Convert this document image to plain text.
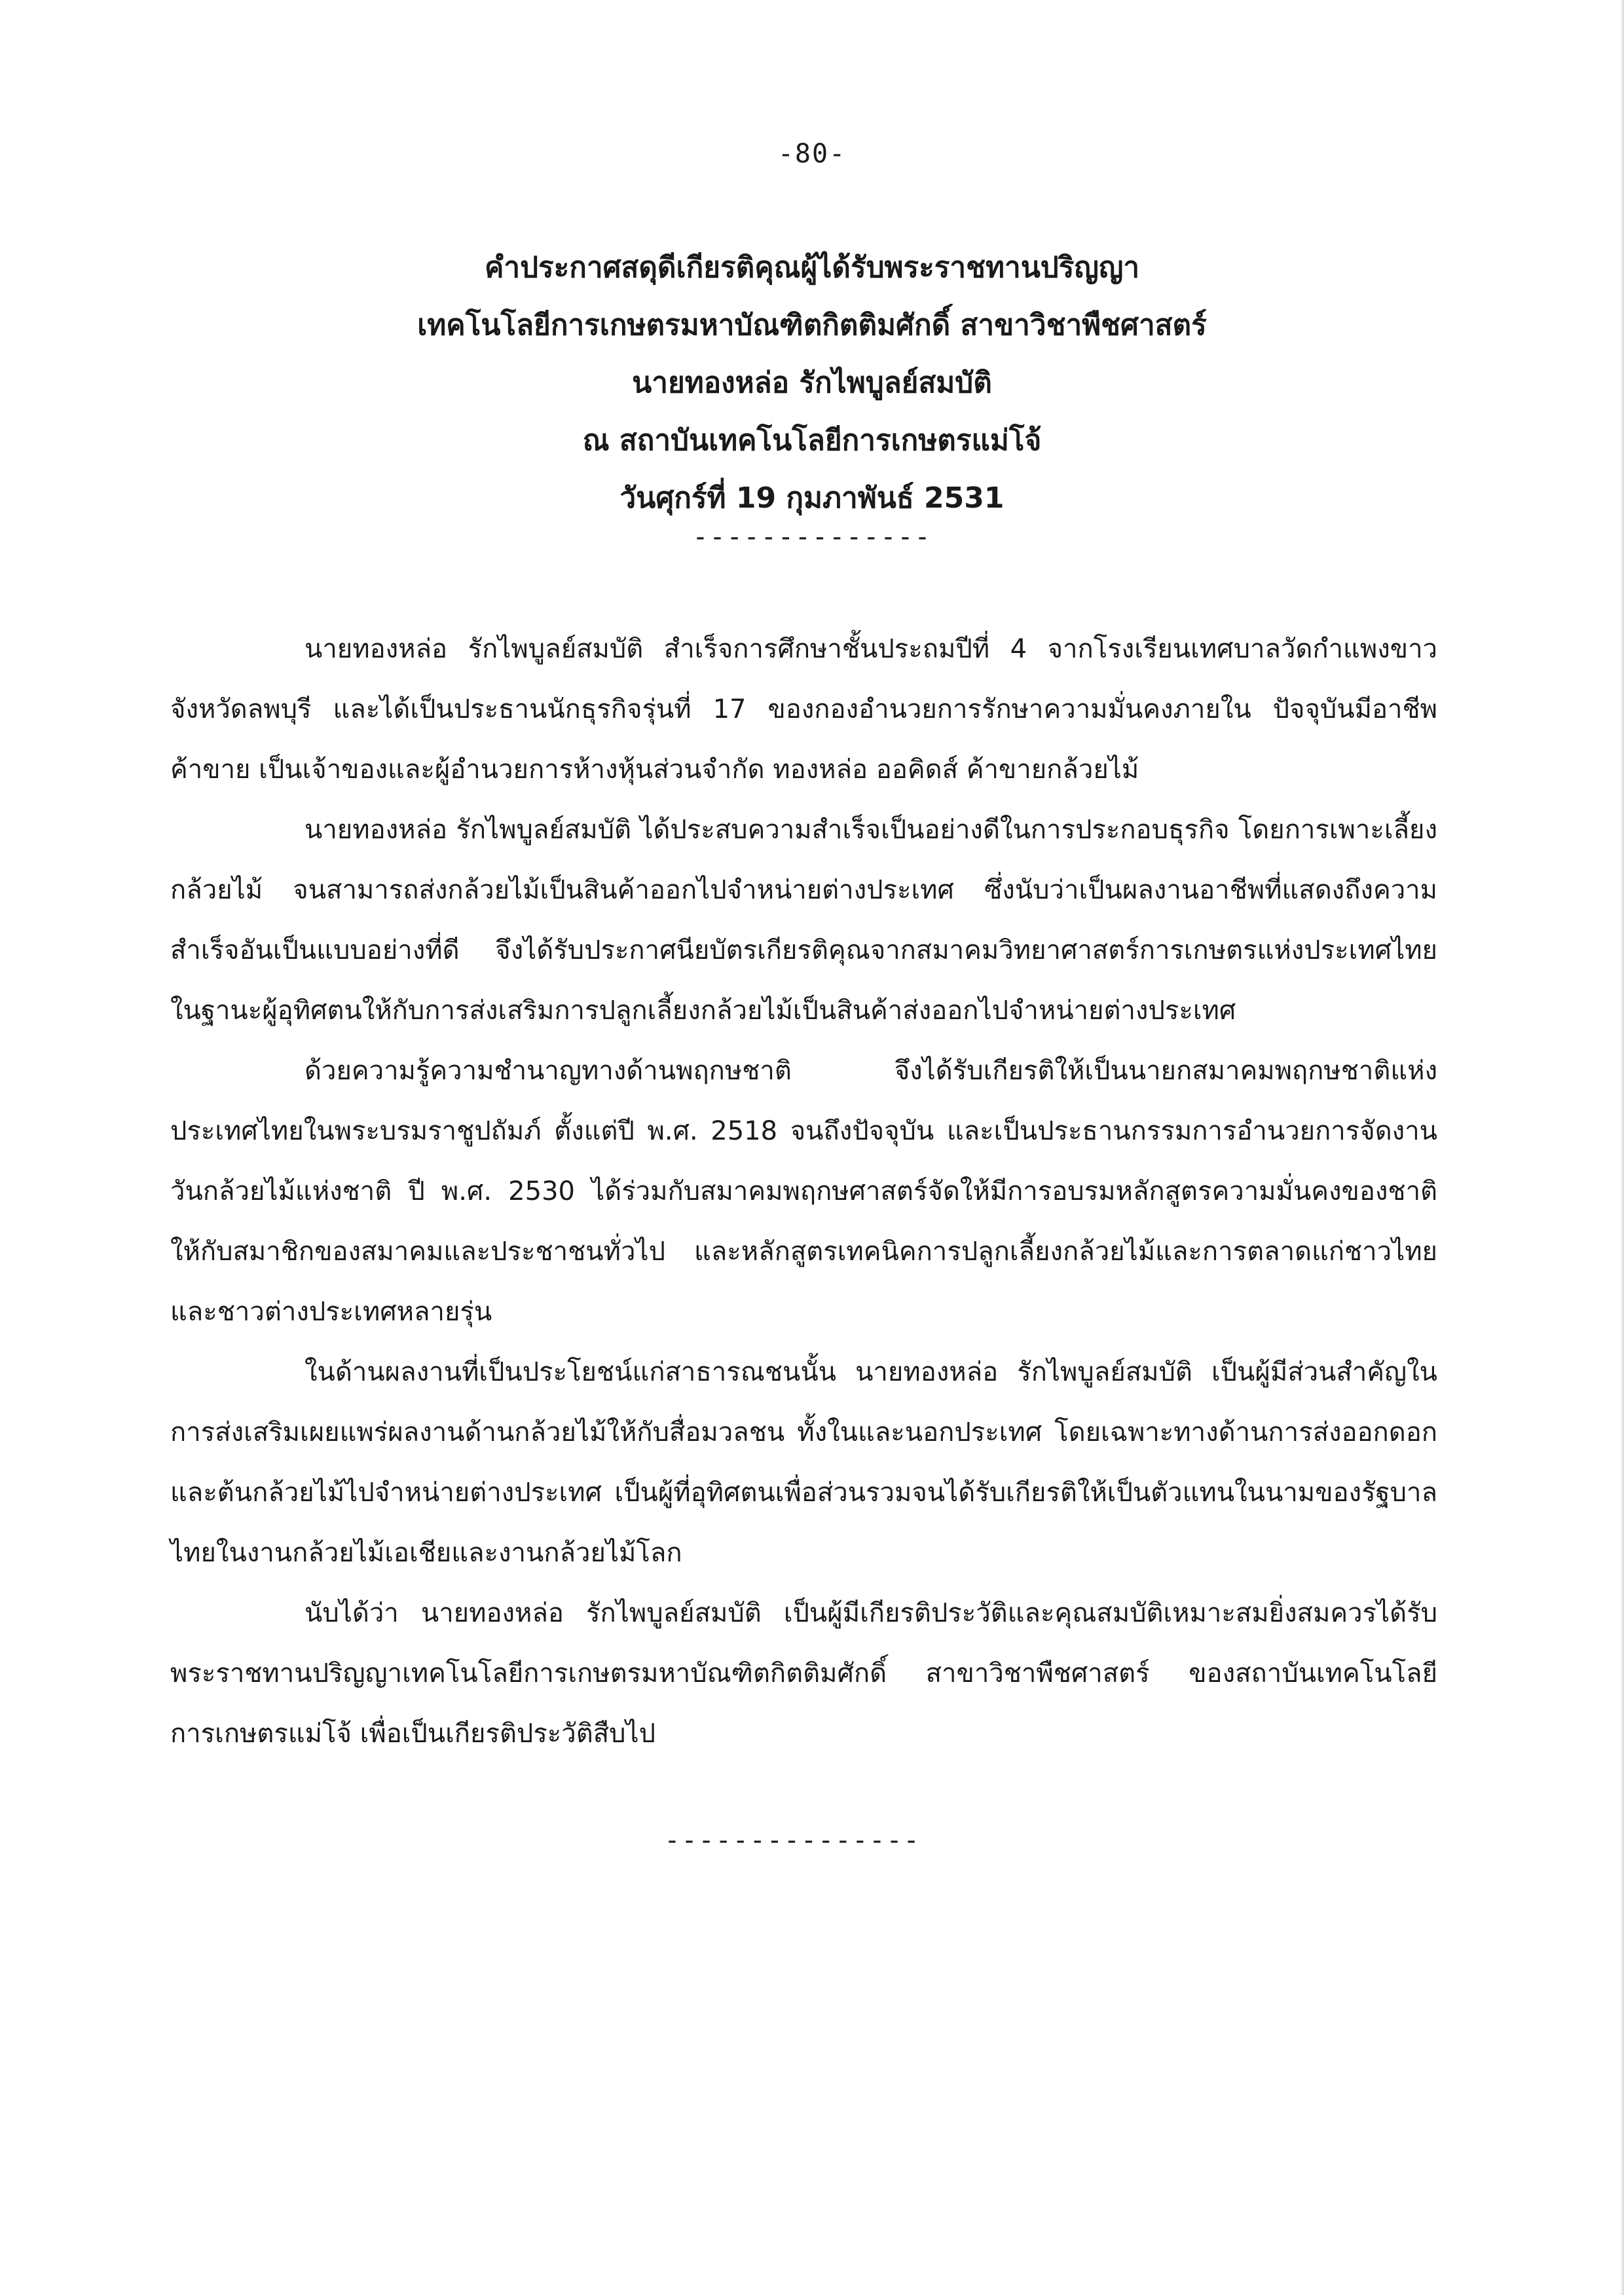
-80-
คำประกาศสดุดีเกียรติคุณผู้ได้รับพระราชทานปริญญา
เทคโนโลยีการเกษตรมหาบัณฑิตกิตติมศักดิ์ สาขาวิชาพืชศาสตร์
นายทองหล่อ รักไพบูลย์สมบัติ
ณ สถาบันเทคโนโลยีการเกษตรแม่โจ้
วันศุกร์ที่ 19 กุมภาพันธ์ 2531
--------------

นายทองหล่อ รักไพบูลย์สมบัติ สำเร็จการศึกษาชั้นประถมปีที่ 4 จากโรงเรียนเทศบาลวัดกำแพงขาว จังหวัดลพบุรี และได้เป็นประธานนักธุรกิจรุ่นที่ 17 ของกองอำนวยการรักษาความมั่นคงภายใน ปัจจุบันมีอาชีพค้าขาย เป็นเจ้าของและผู้อำนวยการห้างหุ้นส่วนจำกัด ทองหล่อ ออคิดส์ ค้าขายกล้วยไม้

นายทองหล่อ รักไพบูลย์สมบัติ ได้ประสบความสำเร็จเป็นอย่างดีในการประกอบธุรกิจ โดยการเพาะเลี้ยงกล้วยไม้ จนสามารถส่งกล้วยไม้เป็นสินค้าออกไปจำหน่ายต่างประเทศ ซึ่งนับว่าเป็นผลงานอาชีพที่แสดงถึงความสำเร็จอันเป็นแบบอย่างที่ดี จึงได้รับประกาศนียบัตรเกียรติคุณจากสมาคมวิทยาศาสตร์การเกษตรแห่งประเทศไทย ในฐานะผู้อุทิศตนให้กับการส่งเสริมการปลูกเลี้ยงกล้วยไม้เป็นสินค้าส่งออกไปจำหน่ายต่างประเทศ

ด้วยความรู้ความชำนาญทางด้านพฤกษชาติ จึงได้รับเกียรติให้เป็นนายกสมาคมพฤกษชาติแห่งประเทศไทยในพระบรมราชูปถัมภ์ ตั้งแต่ปี พ.ศ. 2518 จนถึงปัจจุบัน และเป็นประธานกรรมการอำนวยการจัดงานวันกล้วยไม้แห่งชาติ ปี พ.ศ. 2530 ได้ร่วมกับสมาคมพฤกษศาสตร์จัดให้มีการอบรมหลักสูตรความมั่นคงของชาติ ให้กับสมาชิกของสมาคมและประชาชนทั่วไป และหลักสูตรเทคนิคการปลูกเลี้ยงกล้วยไม้และการตลาดแก่ชาวไทยและชาวต่างประเทศหลายรุ่น

ในด้านผลงานที่เป็นประโยชน์แก่สาธารณชนนั้น นายทองหล่อ รักไพบูลย์สมบัติ เป็นผู้มีส่วนสำคัญในการส่งเสริมเผยแพร่ผลงานด้านกล้วยไม้ให้กับสื่อมวลชน ทั้งในและนอกประเทศ โดยเฉพาะทางด้านการส่งออกดอกและต้นกล้วยไม้ไปจำหน่ายต่างประเทศ เป็นผู้ที่อุทิศตนเพื่อส่วนรวมจนได้รับเกียรติให้เป็นตัวแทนในนามของรัฐบาลไทยในงานกล้วยไม้เอเชียและงานกล้วยไม้โลก

นับได้ว่า นายทองหล่อ รักไพบูลย์สมบัติ เป็นผู้มีเกียรติประวัติและคุณสมบัติเหมาะสมยิ่งสมควรได้รับพระราชทานปริญญาเทคโนโลยีการเกษตรมหาบัณฑิตกิตติมศักดิ์ สาขาวิชาพืชศาสตร์ ของสถาบันเทคโนโลยีการเกษตรแม่โจ้ เพื่อเป็นเกียรติประวัติสืบไป

---------------
